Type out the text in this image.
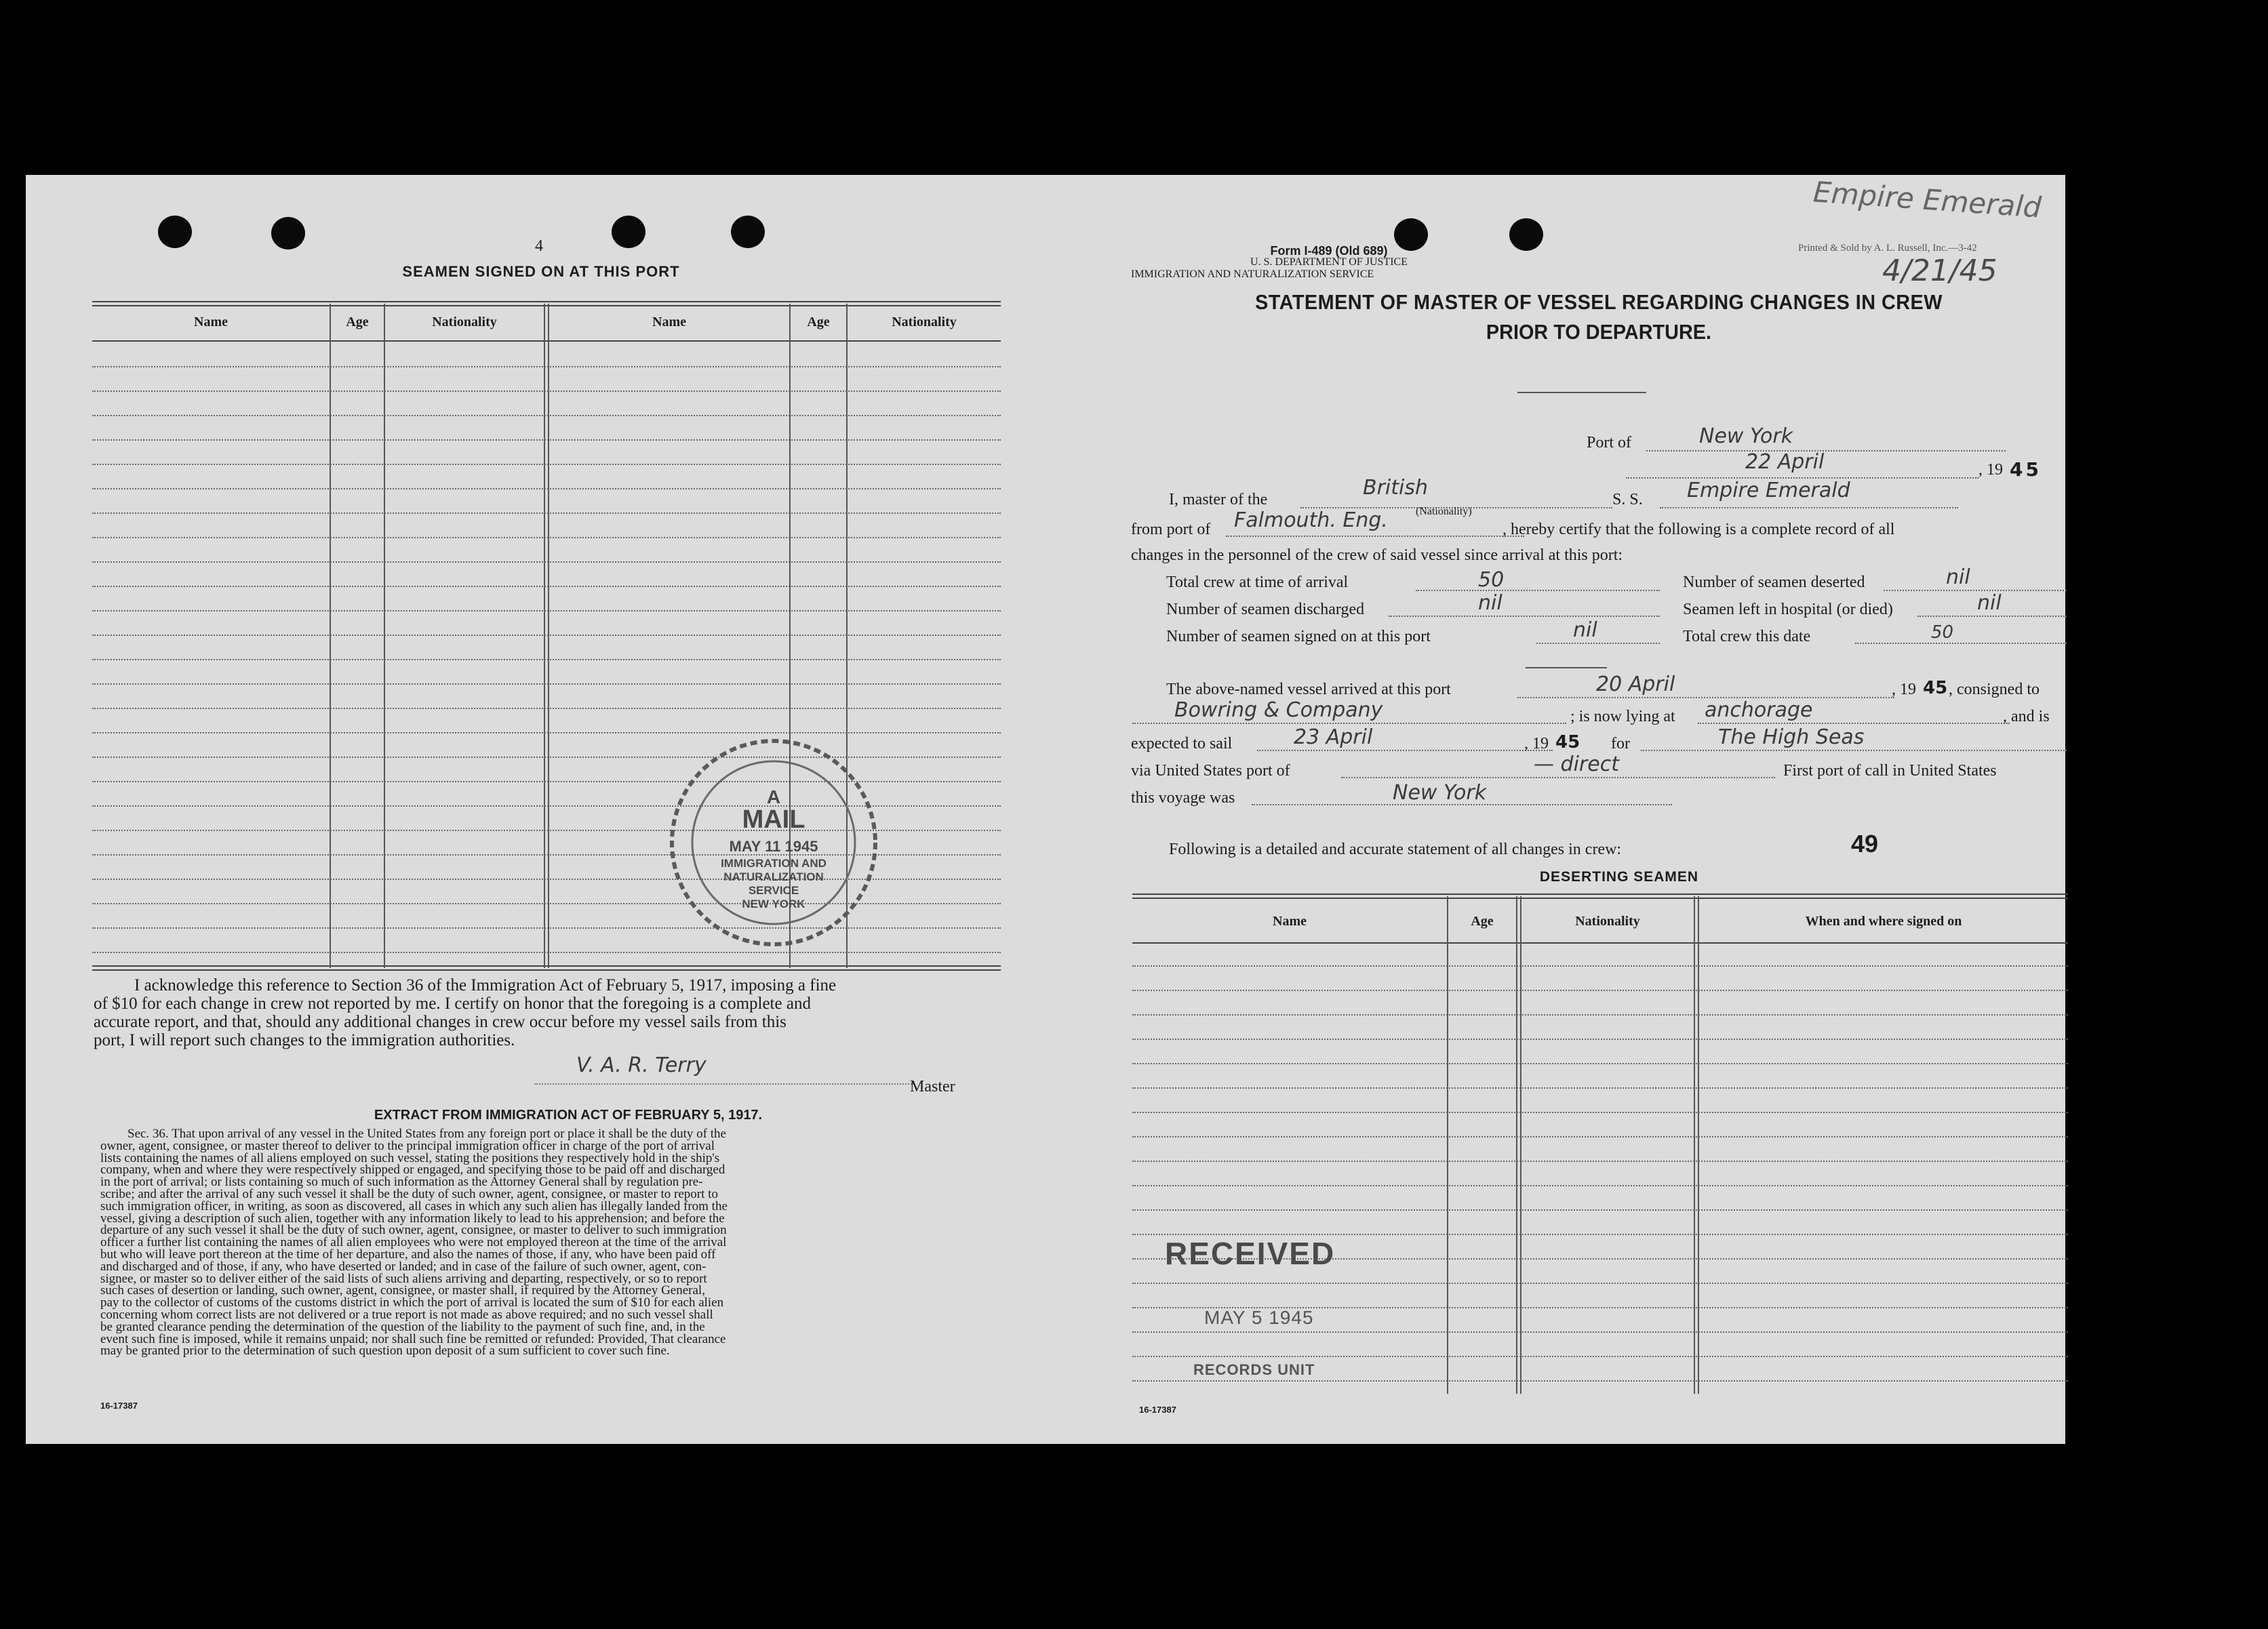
4
SEAMEN SIGNED ON AT THIS PORT
Name	Age	Nationality	Name	Age	Nationality
A
MAIL
MAY 11 1945
IMMIGRATION AND
NATURALIZATION
SERVICE
NEW YORK
I acknowledge this reference to Section 36 of the Immigration Act of February 5, 1917, imposing a fine
of $10 for each change in crew not reported by me. I certify on honor that the foregoing is a complete and
accurate report, and that, should any additional changes in crew occur before my vessel sails from this
port, I will report such changes to the immigration authorities.
V. A. R. Terry
Master
EXTRACT FROM IMMIGRATION ACT OF FEBRUARY 5, 1917.
Sec. 36. That upon arrival of any vessel in the United States from any foreign port or place it shall be the duty of the
owner, agent, consignee, or master thereof to deliver to the principal immigration officer in charge of the port of arrival
lists containing the names of all aliens employed on such vessel, stating the positions they respectively hold in the ship's
company, when and where they were respectively shipped or engaged, and specifying those to be paid off and discharged
in the port of arrival; or lists containing so much of such information as the Attorney General shall by regulation pre-
scribe; and after the arrival of any such vessel it shall be the duty of such owner, agent, consignee, or master to report to
such immigration officer, in writing, as soon as discovered, all cases in which any such alien has illegally landed from the
vessel, giving a description of such alien, together with any information likely to lead to his apprehension; and before the
departure of any such vessel it shall be the duty of such owner, agent, consignee, or master to deliver to such immigration
officer a further list containing the names of all alien employees who were not employed thereon at the time of the arrival
but who will leave port thereon at the time of her departure, and also the names of those, if any, who have been paid off
and discharged and of those, if any, who have deserted or landed; and in case of the failure of such owner, agent, con-
signee, or master so to deliver either of the said lists of such aliens arriving and departing, respectively, or so to report
such cases of desertion or landing, such owner, agent, consignee, or master shall, if required by the Attorney General,
pay to the collector of customs of the customs district in which the port of arrival is located the sum of $10 for each alien
concerning whom correct lists are not delivered or a true report is not made as above required; and no such vessel shall
be granted clearance pending the determination of the question of the liability to the payment of such fine, and, in the
event such fine is imposed, while it remains unpaid; nor shall such fine be remitted or refunded: Provided, That clearance
may be granted prior to the determination of such question upon deposit of a sum sufficient to cover such fine.
16-17387
Form I-489 (Old 689)
U. S. DEPARTMENT OF JUSTICE
IMMIGRATION AND NATURALIZATION SERVICE
Printed & Sold by A. L. Russell, Inc.—3-42
Empire Emerald
4/21/45
STATEMENT OF MASTER OF VESSEL REGARDING CHANGES IN CREW
PRIOR TO DEPARTURE.
Port of	New York
22 April	, 19 45
I, master of the	British
(Nationality)
S. S. Empire Emerald
from port of Falmouth. Eng.	, hereby certify that the following is a complete record of all
changes in the personnel of the crew of said vessel since arrival at this port:
Total crew at time of arrival	50	Number of seamen deserted	nil
Number of seamen discharged	nil	Seamen left in hospital (or died)	nil
Number of seamen signed on at this port	nil	Total crew this date	50
The above-named vessel arrived at this port	20 April	, 19 45 , consigned to
Bowring & Company	; is now lying at anchorage	, and is
expected to sail	23 April	, 19 45 for	The High Seas
via United States port of	— direct	First port of call in United States
this voyage was	New York
Following is a detailed and accurate statement of all changes in crew:	49
DESERTING SEAMEN
Name	Age	Nationality	When and where signed on
RECEIVED
MAY 5 1945
RECORDS UNIT
16-17387
